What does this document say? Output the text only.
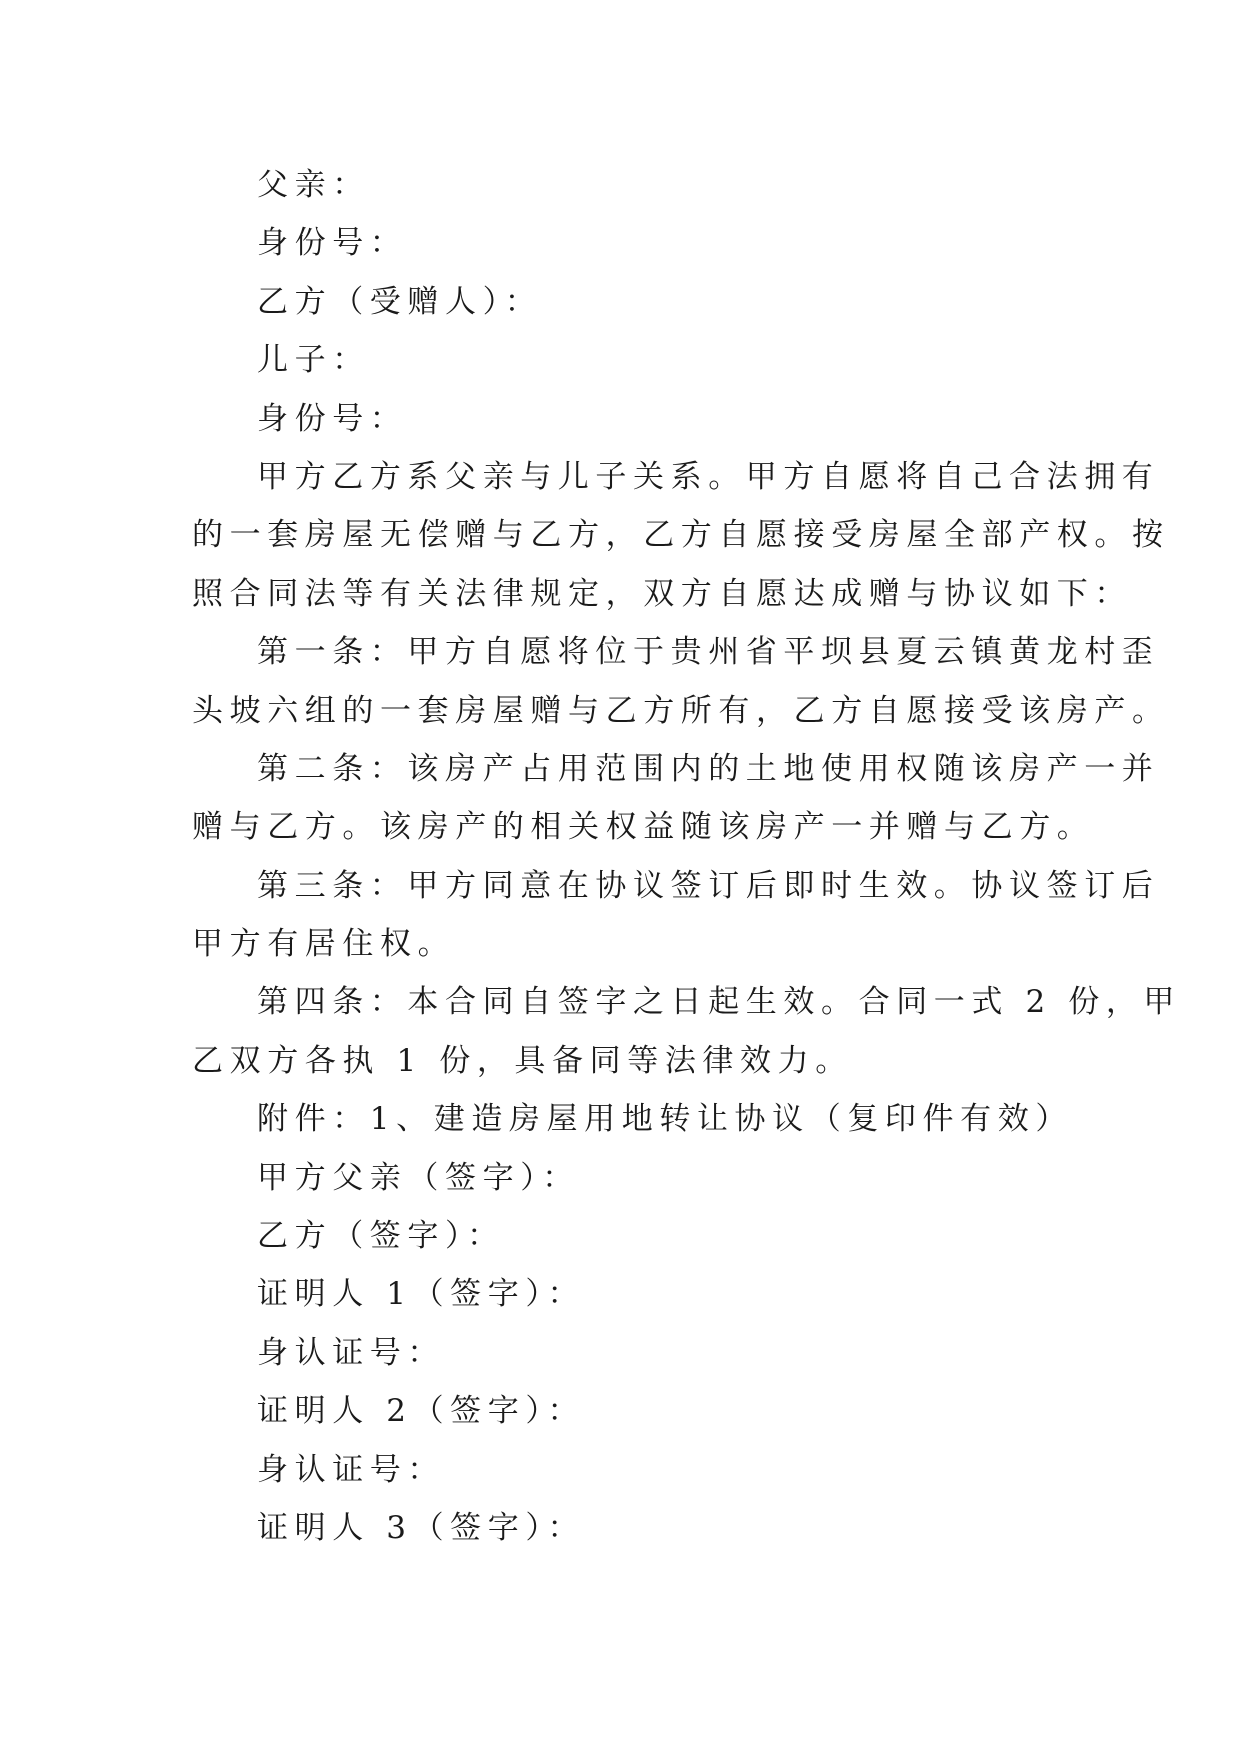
父亲：
身份号：
乙方（受赠人）：
儿子：
身份号：
甲方乙方系父亲与儿子关系。甲方自愿将自己合法拥有
的一套房屋无偿赠与乙方，乙方自愿接受房屋全部产权。按
照合同法等有关法律规定，双方自愿达成赠与协议如下：
第一条：甲方自愿将位于贵州省平坝县夏云镇黄龙村歪
头坡六组的一套房屋赠与乙方所有，乙方自愿接受该房产。
第二条：该房产占用范围内的土地使用权随该房产一并
赠与乙方。该房产的相关权益随该房产一并赠与乙方。
第三条：甲方同意在协议签订后即时生效。协议签订后
甲方有居住权。
第四条：本合同自签字之日起生效。合同一式 2 份，甲
乙双方各执 1 份，具备同等法律效力。
附件：1、建造房屋用地转让协议（复印件有效）
甲方父亲（签字）：
乙方（签字）：
证明人 1（签字）：
身认证号：
证明人 2（签字）：
身认证号：
证明人 3（签字）：
